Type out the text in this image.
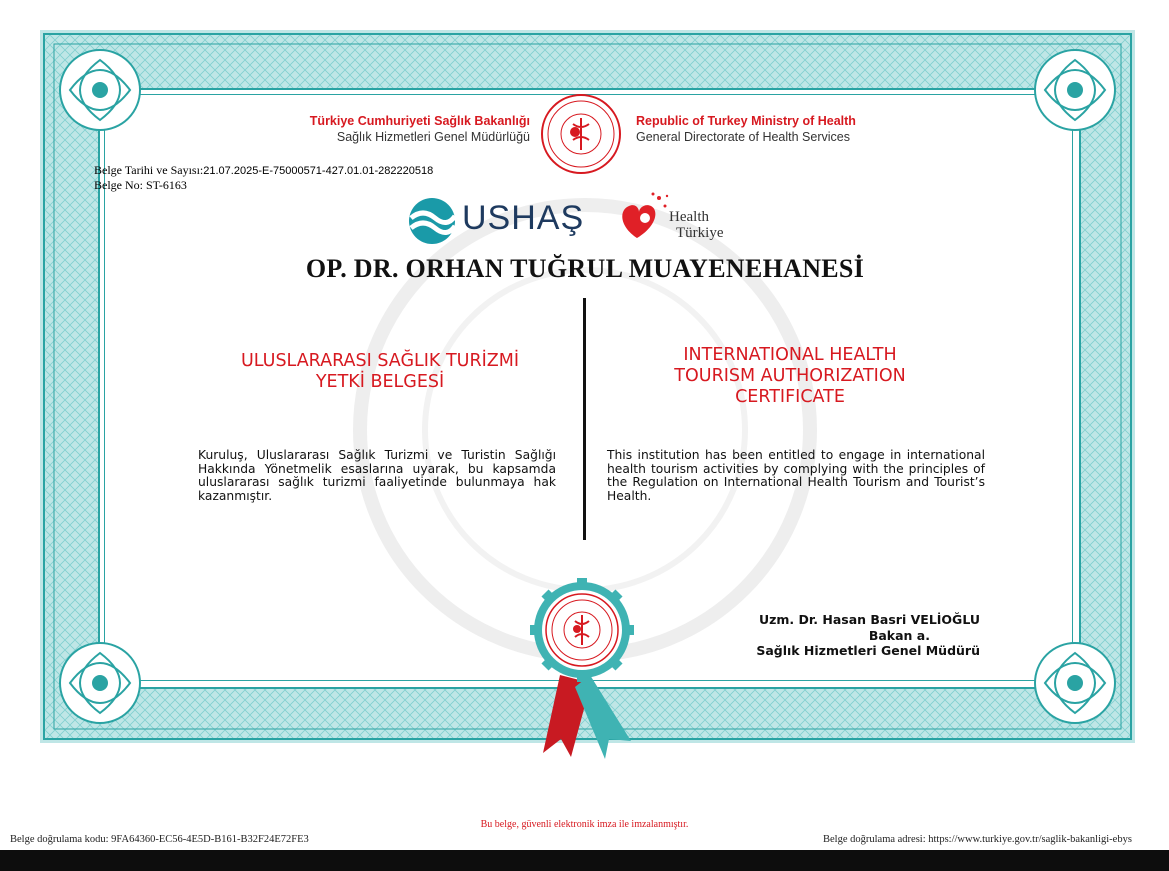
Türkiye Cumhuriyeti Sağlık Bakanlığı
Sağlık Hizmetleri Genel Müdürlüğü
Republic of Turkey Ministry of Health
General Directorate of Health Services
Belge Tarihi ve Sayısı:21.07.2025-E-75000571-427.01.01-282220518
Belge No: ST-6163
USHAŞ	Health
Türkiye
OP. DR. ORHAN TUĞRUL MUAYENEHANESİ
ULUSLARARASI SAĞLIK TURİZMİ
YETKİ BELGESİ
Kuruluş, Uluslararası Sağlık Turizmi ve Turistin Sağlığı Hakkında Yönetmelik esaslarına uyarak, bu kapsamda uluslararası sağlık turizmi faaliyetinde bulunmaya hak kazanmıştır.
INTERNATIONAL HEALTH
TOURISM AUTHORIZATION
CERTIFICATE
This institution has been entitled to engage in international health tourism activities by complying with the principles of the Regulation on International Health Tourism and Tourist’s Health.
Uzm. Dr. Hasan Basri VELİOĞLU
Bakan a.
Sağlık Hizmetleri Genel Müdürü
Bu belge, güvenli elektronik imza ile imzalanmıştır.
Belge doğrulama kodu: 9FA64360-EC56-4E5D-B161-B32F24E72FE3	Belge doğrulama adresi: https://www.turkiye.gov.tr/saglik-bakanligi-ebys
